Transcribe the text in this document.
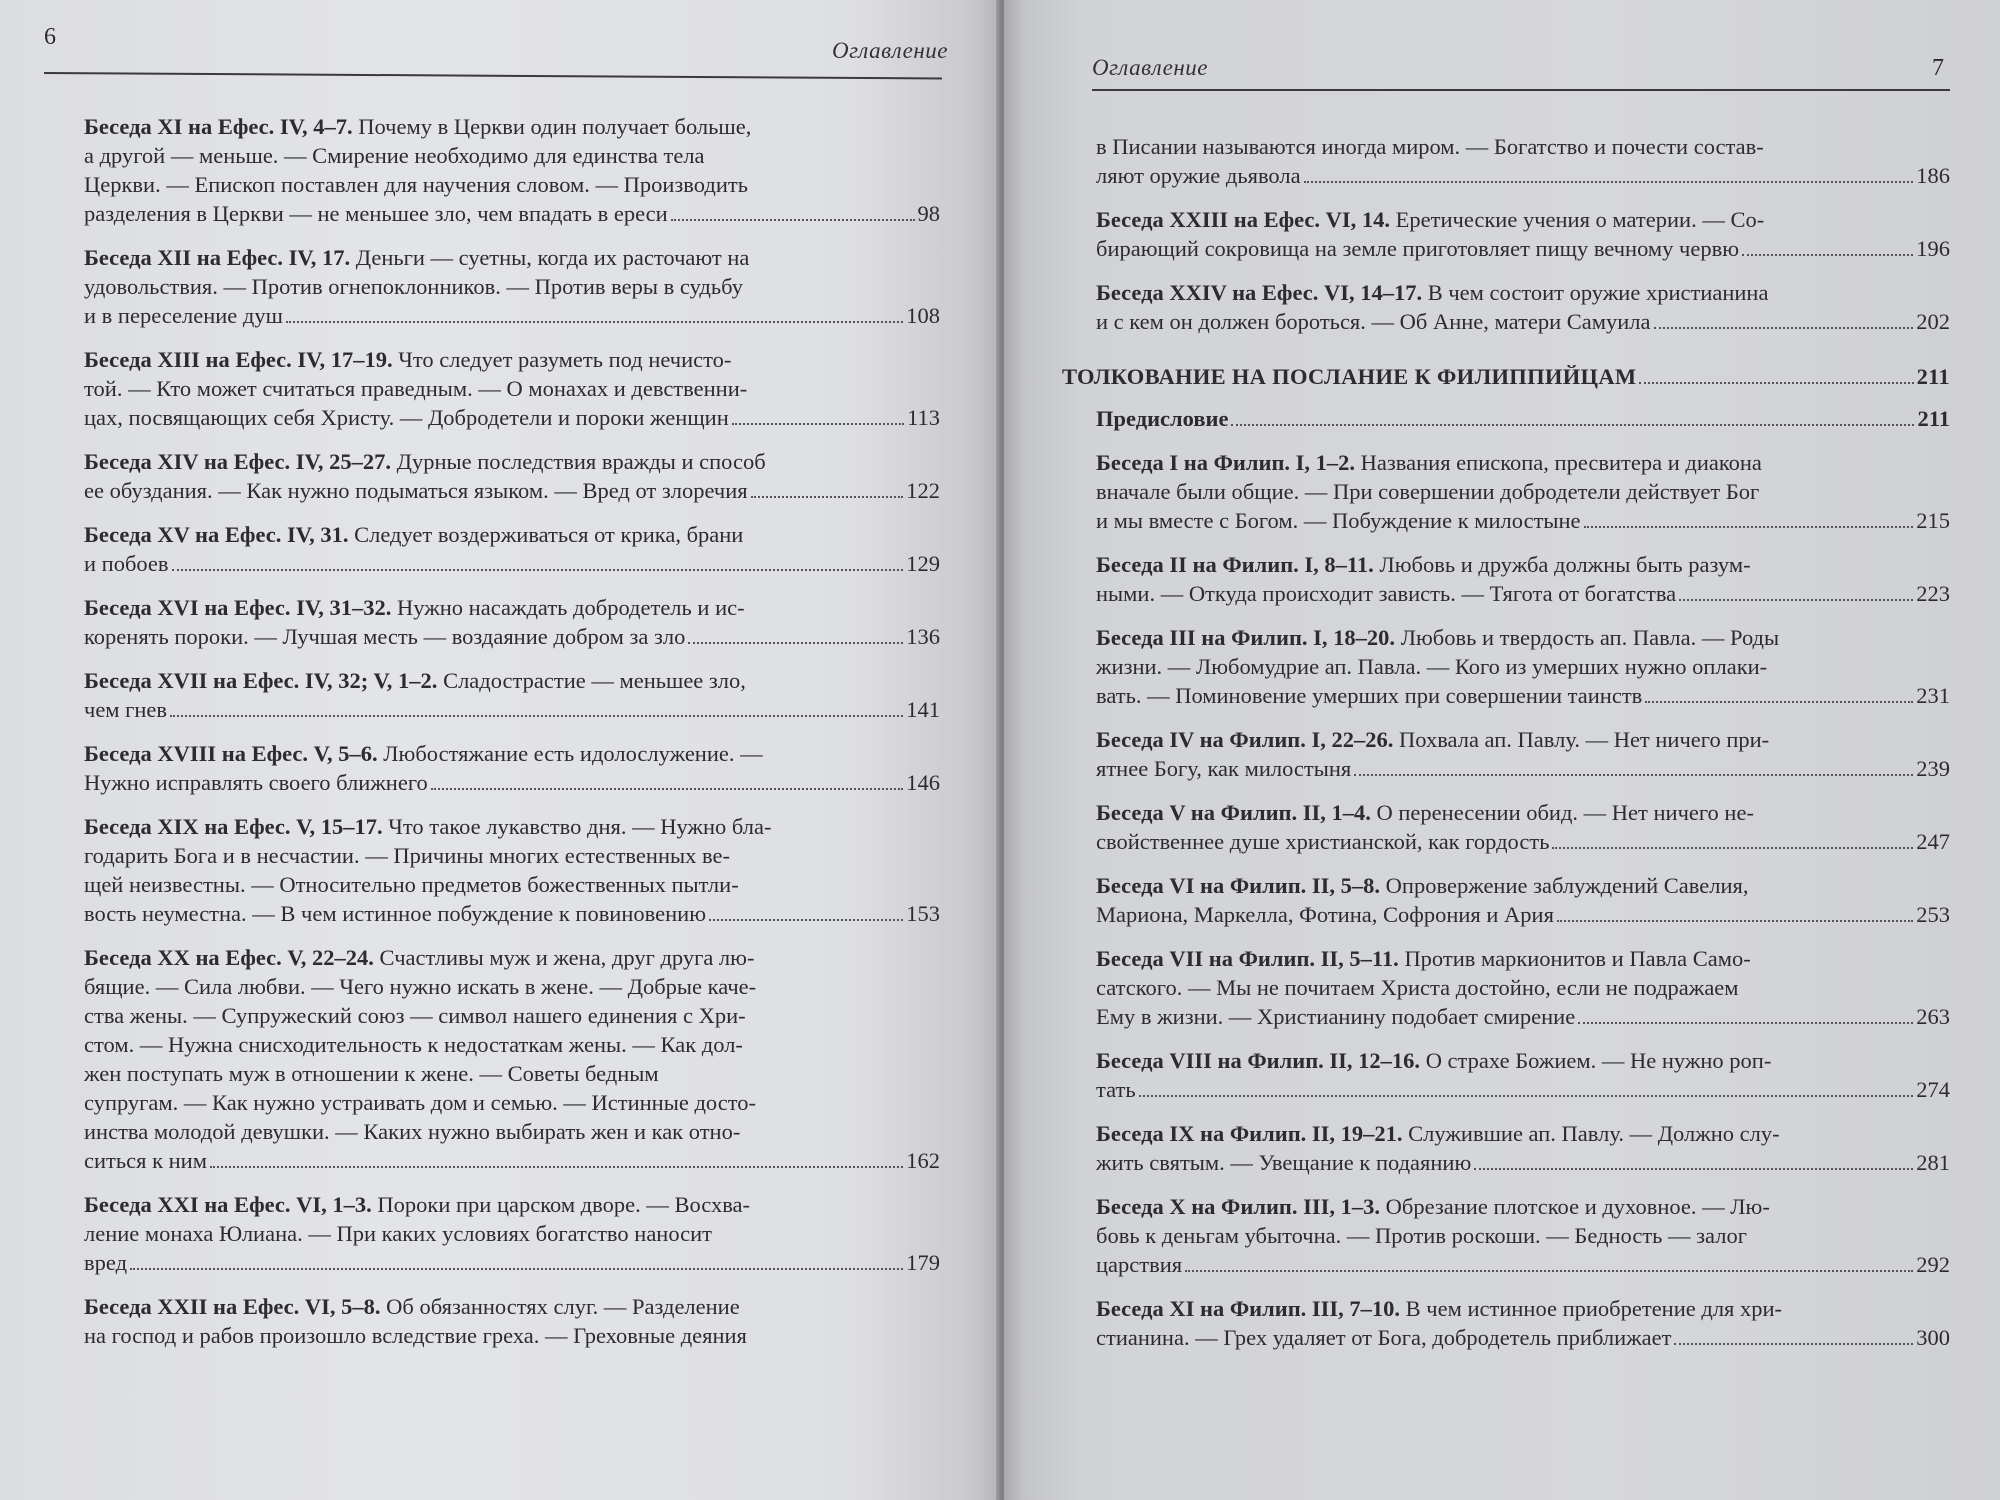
6
Оглавление
Беседа XI на Ефес. IV, 4–7. Почему в Церкви один получает больше,
а другой — меньше. — Смирение необходимо для единства тела
Церкви. — Епископ поставлен для научения словом. — Производить
разделения в Церкви — не меньшее зло, чем впадать в ереси	98
Беседа XII на Ефес. IV, 17. Деньги — суетны, когда их расточают на
удовольствия. — Против огнепоклонников. — Против веры в судьбу
и в переселение душ	108
Беседа XIII на Ефес. IV, 17–19. Что следует разуметь под нечисто-
той. — Кто может считаться праведным. — О монахах и девственни-
цах, посвящающих себя Христу. — Добродетели и пороки женщин	113
Беседа XIV на Ефес. IV, 25–27. Дурные последствия вражды и способ
ее обуздания. — Как нужно подыматься языком. — Вред от злоречия	122
Беседа XV на Ефес. IV, 31. Следует воздерживаться от крика, брани
и побоев	129
Беседа XVI на Ефес. IV, 31–32. Нужно насаждать добродетель и ис-
коренять пороки. — Лучшая месть — воздаяние добром за зло	136
Беседа XVII на Ефес. IV, 32; V, 1–2. Сладострастие — меньшее зло,
чем гнев	141
Беседа XVIII на Ефес. V, 5–6. Любостяжание есть идолослужение. —
Нужно исправлять своего ближнего	146
Беседа XIX на Ефес. V, 15–17. Что такое лукавство дня. — Нужно бла-
годарить Бога и в несчастии. — Причины многих естественных ве-
щей неизвестны. — Относительно предметов божественных пытли-
вость неуместна. — В чем истинное побуждение к повиновению	153
Беседа XX на Ефес. V, 22–24. Счастливы муж и жена, друг друга лю-
бящие. — Сила любви. — Чего нужно искать в жене. — Добрые каче-
ства жены. — Супружеский союз — символ нашего единения с Хри-
стом. — Нужна снисходительность к недостаткам жены. — Как дол-
жен поступать муж в отношении к жене. — Советы бедным
супругам. — Как нужно устраивать дом и семью. — Истинные досто-
инства молодой девушки. — Каких нужно выбирать жен и как отно-
ситься к ним	162
Беседа XXI на Ефес. VI, 1–3. Пороки при царском дворе. — Восхва-
ление монаха Юлиана. — При каких условиях богатство наносит
вред	179
Беседа XXII на Ефес. VI, 5–8. Об обязанностях слуг. — Разделение
на господ и рабов произошло вследствие греха. — Греховные деяния
Оглавление	7
в Писании называются иногда миром. — Богатство и почести состав-
ляют оружие дьявола	186
Беседа XXIII на Ефес. VI, 14. Еретические учения о материи. — Со-
бирающий сокровища на земле приготовляет пищу вечному червю	196
Беседа XXIV на Ефес. VI, 14–17. В чем состоит оружие христианина
и с кем он должен бороться. — Об Анне, матери Самуила	202
ТОЛКОВАНИЕ НА ПОСЛАНИЕ К ФИЛИППИЙЦАМ	211
Предисловие	211
Беседа I на Филип. I, 1–2. Названия епископа, пресвитера и диакона
вначале были общие. — При совершении добродетели действует Бог
и мы вместе с Богом. — Побуждение к милостыне	215
Беседа II на Филип. I, 8–11. Любовь и дружба должны быть разум-
ными. — Откуда происходит зависть. — Тягота от богатства	223
Беседа III на Филип. I, 18–20. Любовь и твердость ап. Павла. — Роды
жизни. — Любомудрие ап. Павла. — Кого из умерших нужно оплаки-
вать. — Поминовение умерших при совершении таинств	231
Беседа IV на Филип. I, 22–26. Похвала ап. Павлу. — Нет ничего при-
ятнее Богу, как милостыня	239
Беседа V на Филип. II, 1–4. О перенесении обид. — Нет ничего не-
свойственнее душе христианской, как гордость	247
Беседа VI на Филип. II, 5–8. Опровержение заблуждений Савелия,
Мариона, Маркелла, Фотина, Софрония и Ария	253
Беседа VII на Филип. II, 5–11. Против маркионитов и Павла Само-
сатского. — Мы не почитаем Христа достойно, если не подражаем
Ему в жизни. — Христианину подобает смирение	263
Беседа VIII на Филип. II, 12–16. О страхе Божием. — Не нужно роп-
тать	274
Беседа IX на Филип. II, 19–21. Служившие ап. Павлу. — Должно слу-
жить святым. — Увещание к подаянию	281
Беседа X на Филип. III, 1–3. Обрезание плотское и духовное. — Лю-
бовь к деньгам убыточна. — Против роскоши. — Бедность — залог
царствия	292
Беседа XI на Филип. III, 7–10. В чем истинное приобретение для хри-
стианина. — Грех удаляет от Бога, добродетель приближает	300
